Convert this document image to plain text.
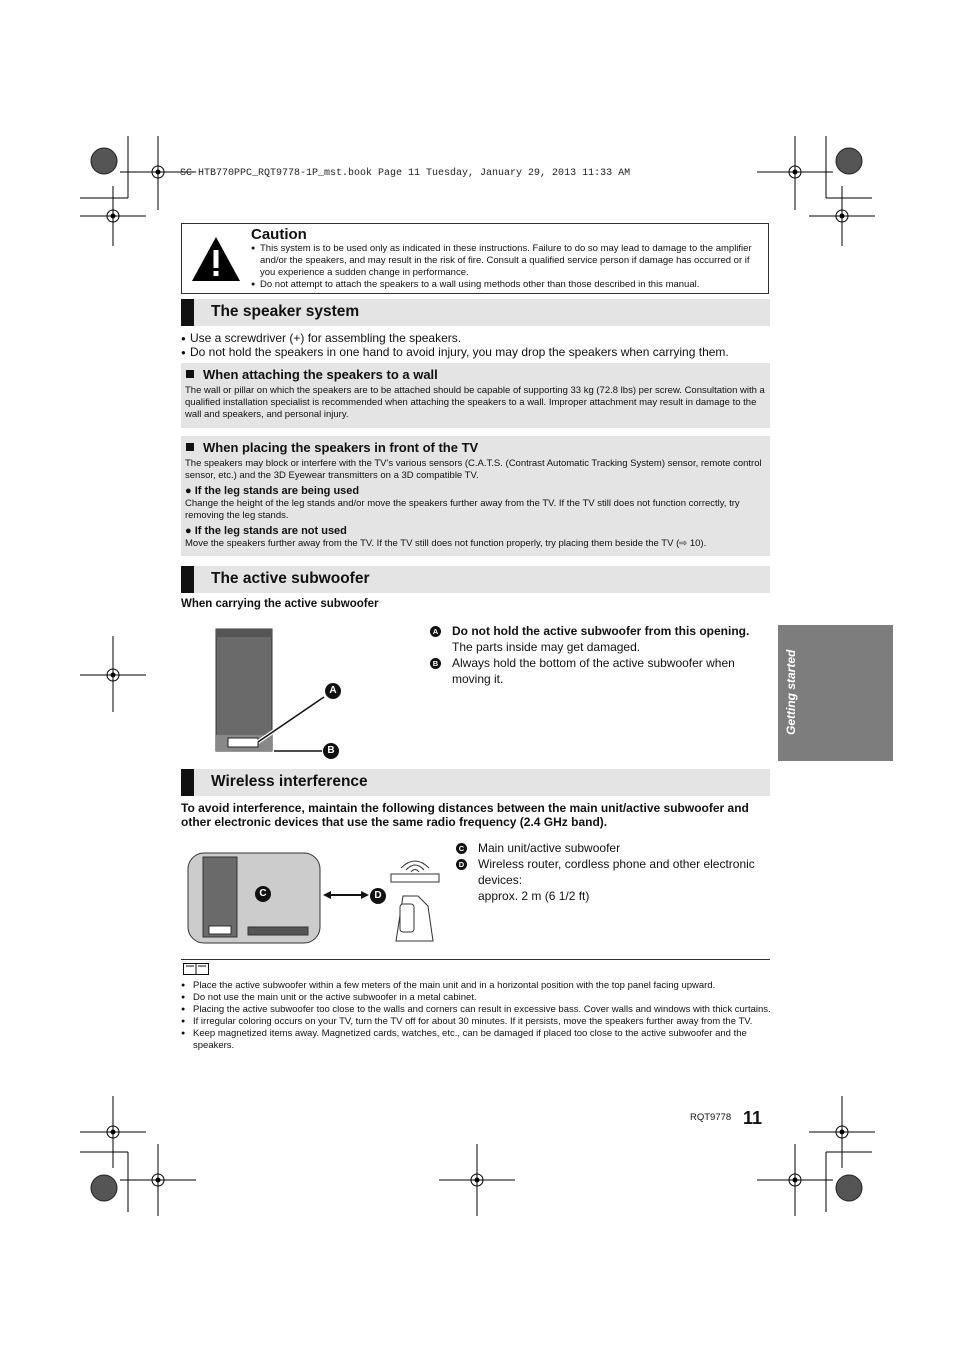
SC-HTB770PPC_RQT9778-1P_mst.book Page 11 Tuesday, January 29, 2013 11:33 AM
Caution
● This system is to be used only as indicated in these instructions. Failure to do so may lead to damage to the amplifier and/or the speakers, and may result in the risk of fire. Consult a qualified service person if damage has occurred or if you experience a sudden change in performance.
● Do not attempt to attach the speakers to a wall using methods other than those described in this manual.
The speaker system
● Use a screwdriver (+) for assembling the speakers.
● Do not hold the speakers in one hand to avoid injury, you may drop the speakers when carrying them.
When attaching the speakers to a wall

The wall or pillar on which the speakers are to be attached should be capable of supporting 33 kg (72.8 lbs) per screw. Consultation with a qualified installation specialist is recommended when attaching the speakers to a wall. Improper attachment may result in damage to the wall and speakers, and personal injury.

When placing the speakers in front of the TV

The speakers may block or interfere with the TV's various sensors (C.A.T.S. (Contrast Automatic Tracking System) sensor, remote control sensor, etc.) and the 3D Eyewear transmitters on a 3D compatible TV.

● If the leg stands are being used

Change the height of the leg stands and/or move the speakers further away from the TV. If the TV still does not function correctly, try removing the leg stands.

● If the leg stands are not used

Move the speakers further away from the TV. If the TV still does not function properly, try placing them beside the TV (⇨ 10).

The active subwoofer
When carrying the active subwoofer
A
B
A Do not hold the active subwoofer from this opening.
The parts inside may get damaged.
B Always hold the bottom of the active subwoofer when moving it.	Getting started
Wireless interference
To avoid interference, maintain the following distances between the main unit/active subwoofer and other electronic devices that use the same radio frequency (2.4 GHz band).
C	D
C Main unit/active subwoofer
D Wireless router, cordless phone and other electronic devices:
approx. 2 m (6 1/2 ft)
● Place the active subwoofer within a few meters of the main unit and in a horizontal position with the top panel facing upward.
● Do not use the main unit or the active subwoofer in a metal cabinet.
● Placing the active subwoofer too close to the walls and corners can result in excessive bass. Cover walls and windows with thick curtains.
● If irregular coloring occurs on your TV, turn the TV off for about 30 minutes. If it persists, move the speakers further away from the TV.
● Keep magnetized items away. Magnetized cards, watches, etc., can be damaged if placed too close to the active subwoofer and the speakers.
RQT9778 11
